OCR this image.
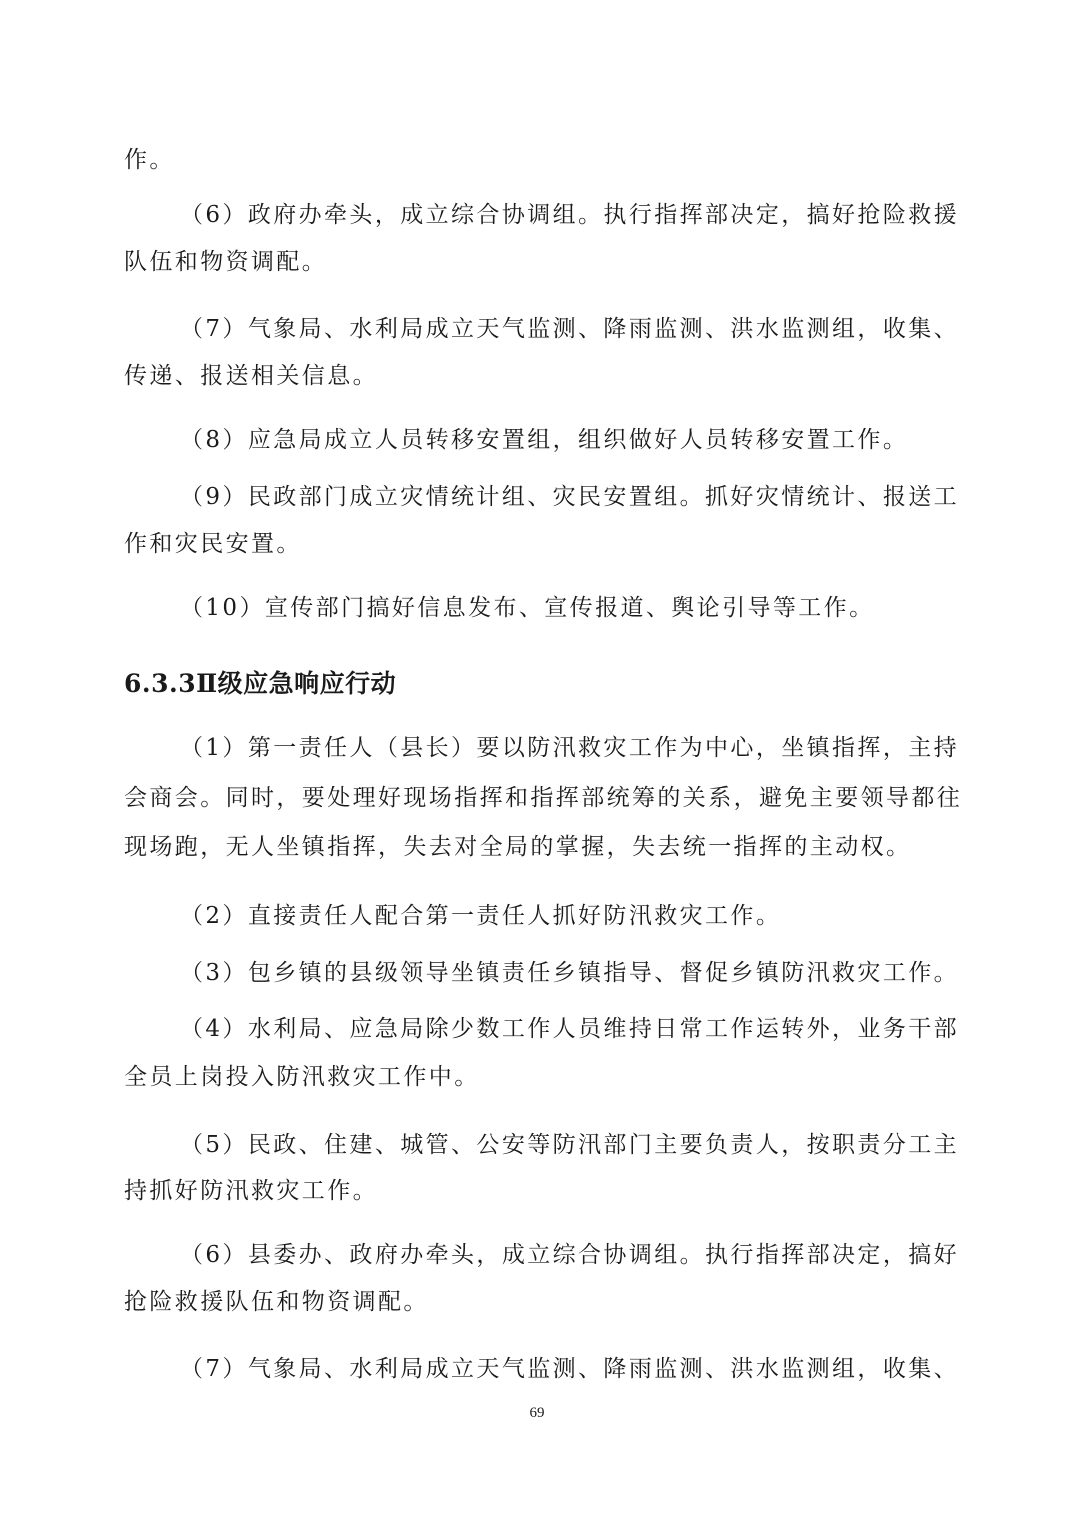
作。
（6）政府办牵头，成立综合协调组。执行指挥部决定，搞好抢险救援
队伍和物资调配。
（7）气象局、水利局成立天气监测、降雨监测、洪水监测组，收集、
传递、报送相关信息。
（8）应急局成立人员转移安置组，组织做好人员转移安置工作。
（9）民政部门成立灾情统计组、灾民安置组。抓好灾情统计、报送工
作和灾民安置。
（10）宣传部门搞好信息发布、宣传报道、舆论引导等工作。
6.3.3Ⅱ级应急响应行动
（1）第一责任人（县长）要以防汛救灾工作为中心，坐镇指挥，主持
会商会。同时，要处理好现场指挥和指挥部统筹的关系，避免主要领导都往
现场跑，无人坐镇指挥，失去对全局的掌握，失去统一指挥的主动权。
（2）直接责任人配合第一责任人抓好防汛救灾工作。
（3）包乡镇的县级领导坐镇责任乡镇指导、督促乡镇防汛救灾工作。
（4）水利局、应急局除少数工作人员维持日常工作运转外，业务干部
全员上岗投入防汛救灾工作中。
（5）民政、住建、城管、公安等防汛部门主要负责人，按职责分工主
持抓好防汛救灾工作。
（6）县委办、政府办牵头，成立综合协调组。执行指挥部决定，搞好
抢险救援队伍和物资调配。
（7）气象局、水利局成立天气监测、降雨监测、洪水监测组，收集、
69
